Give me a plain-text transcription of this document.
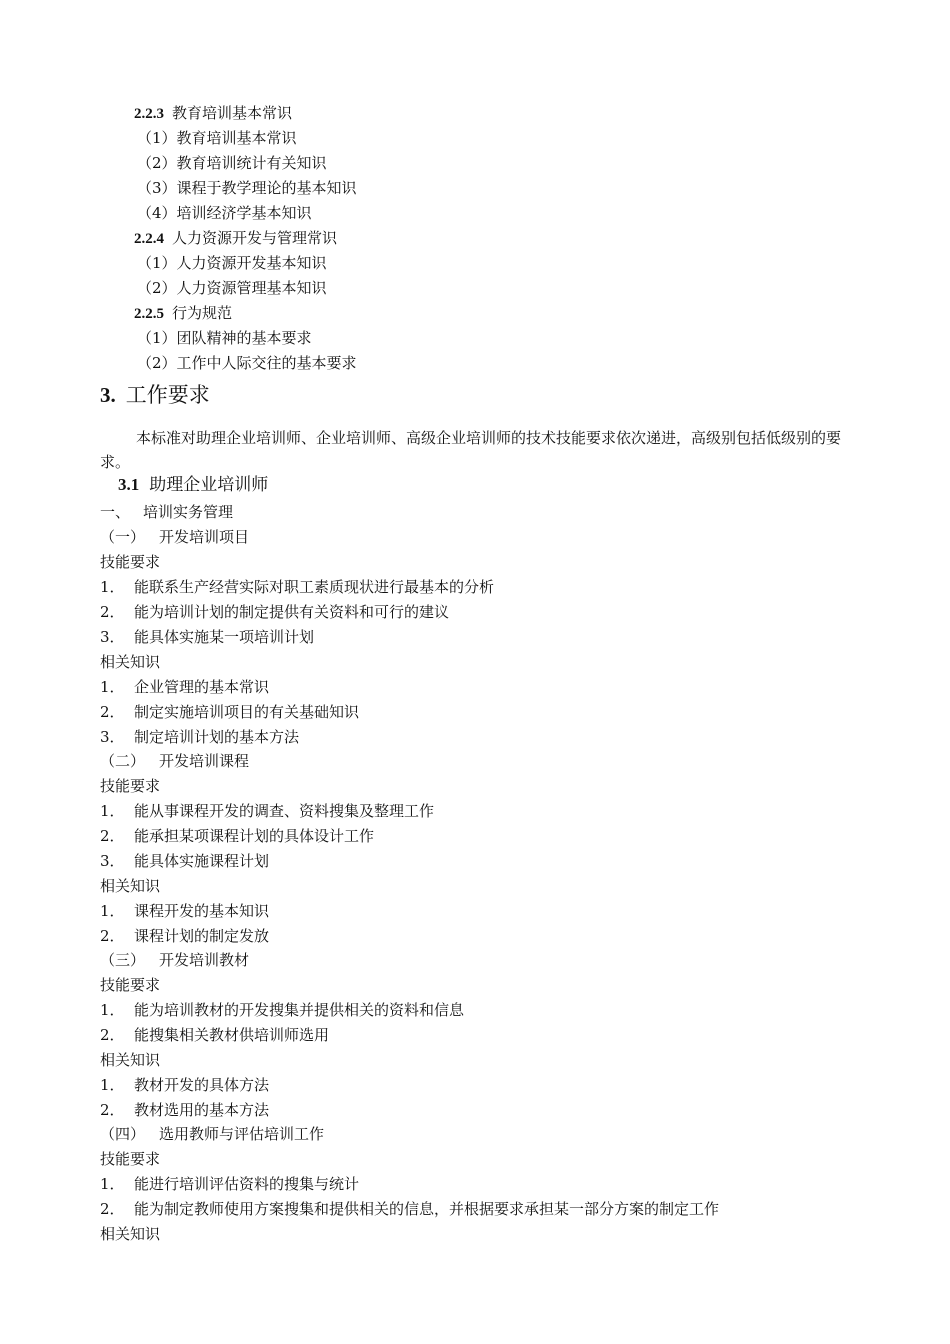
2.2.3 教育培训基本常识
（1）教育培训基本常识
（2）教育培训统计有关知识
（3）课程于教学理论的基本知识
（4）培训经济学基本知识
2.2.4 人力资源开发与管理常识
（1）人力资源开发基本知识
（2）人力资源管理基本知识
2.2.5 行为规范
（1）团队精神的基本要求
（2）工作中人际交往的基本要求
3. 工作要求
本标准对助理企业培训师、企业培训师、高级企业培训师的技术技能要求依次递进，高级别包括低级别的要求。
3.1 助理企业培训师
一、 培训实务管理
（一） 开发培训项目
技能要求
1． 能联系生产经营实际对职工素质现状进行最基本的分析
2． 能为培训计划的制定提供有关资料和可行的建议
3． 能具体实施某一项培训计划
相关知识
1． 企业管理的基本常识
2． 制定实施培训项目的有关基础知识
3． 制定培训计划的基本方法
（二） 开发培训课程
技能要求
1． 能从事课程开发的调查、资料搜集及整理工作
2． 能承担某项课程计划的具体设计工作
3． 能具体实施课程计划
相关知识
1． 课程开发的基本知识
2． 课程计划的制定发放
（三） 开发培训教材
技能要求
1． 能为培训教材的开发搜集并提供相关的资料和信息
2． 能搜集相关教材供培训师选用
相关知识
1． 教材开发的具体方法
2． 教材选用的基本方法
（四） 选用教师与评估培训工作
技能要求
1． 能进行培训评估资料的搜集与统计
2． 能为制定教师使用方案搜集和提供相关的信息，并根据要求承担某一部分方案的制定工作
相关知识
